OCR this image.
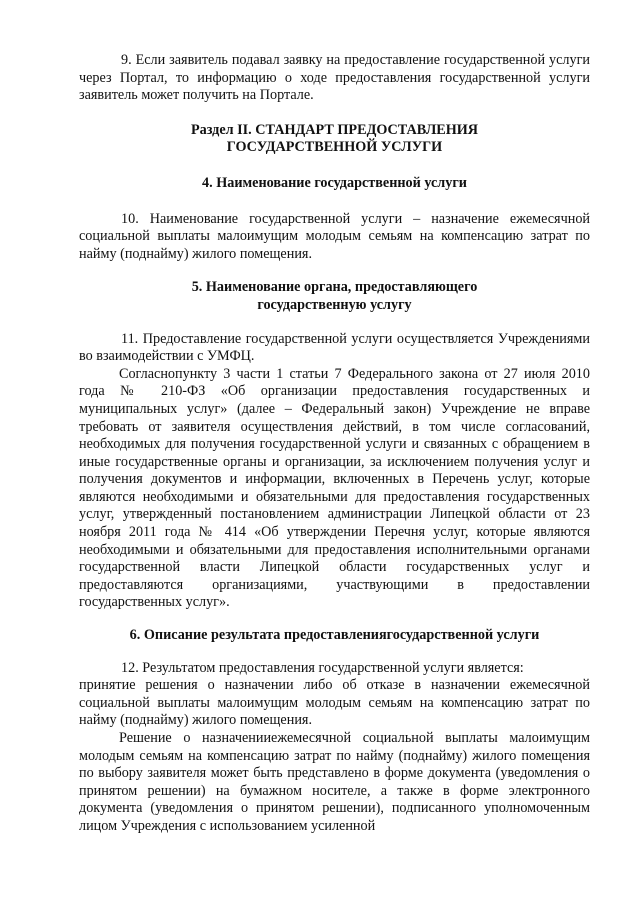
9. Если заявитель подавал заявку на предоставление государственной услуги через Портал, то информацию о ходе предоставления государственной услуги заявитель может получить на Портале.

Раздел II. СТАНДАРТ ПРЕДОСТАВЛЕНИЯ

ГОСУДАРСТВЕННОЙ УСЛУГИ

4. Наименование государственной услуги

10. Наименование государственной услуги – назначение ежемесячной социальной выплаты малоимущим молодым семьям на компенсацию затрат по найму (поднайму) жилого помещения.

5. Наименование органа, предоставляющего

государственную услугу

11. Предоставление государственной услуги осуществляется Учреждениями во взаимодействии с УМФЦ.

Согласнопункту 3 части 1 статьи 7 Федерального закона от 27 июля 2010 года № 210-ФЗ «Об организации предоставления государственных и муниципальных услуг» (далее – Федеральный закон) Учреждение не вправе требовать от заявителя осуществления действий, в том числе согласований, необходимых для получения государственной услуги и связанных с обращением в иные государственные органы и организации, за исключением получения услуг и получения документов и информации, включенных в Перечень услуг, которые являются необходимыми и обязательными для предоставления государственных услуг, утвержденный постановлением администрации Липецкой области от 23 ноября 2011 года № 414 «Об утверждении Перечня услуг, которые являются необходимыми и обязательными для предоставления исполнительными органами государственной власти Липецкой области государственных услуг и предоставляются организациями, участвующими в предоставлении государственных услуг».

6. Описание результата предоставлениягосударственной услуги

12. Результатом предоставления государственной услуги является:

принятие решения о назначении либо об отказе в назначении ежемесячной социальной выплаты малоимущим молодым семьям на компенсацию затрат по найму (поднайму) жилого помещения.

Решение о назначенииежемесячной социальной выплаты малоимущим молодым семьям на компенсацию затрат по найму (поднайму) жилого помещения по выбору заявителя может быть представлено в форме документа (уведомления о принятом решении) на бумажном носителе, а также в форме электронного документа (уведомления о принятом решении), подписанного уполномоченным лицом Учреждения с использованием усиленной
